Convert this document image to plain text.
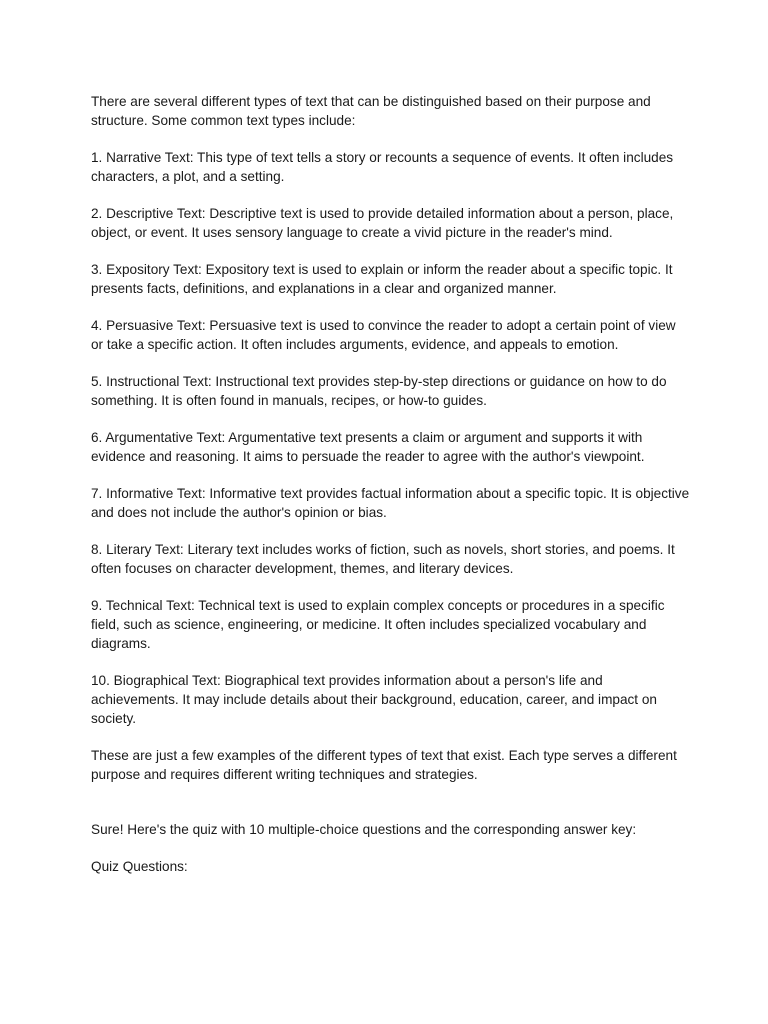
There are several different types of text that can be distinguished based on their purpose and structure. Some common text types include:

1. Narrative Text: This type of text tells a story or recounts a sequence of events. It often includes characters, a plot, and a setting.

2. Descriptive Text: Descriptive text is used to provide detailed information about a person, place, object, or event. It uses sensory language to create a vivid picture in the reader's mind.

3. Expository Text: Expository text is used to explain or inform the reader about a specific topic. It presents facts, definitions, and explanations in a clear and organized manner.

4. Persuasive Text: Persuasive text is used to convince the reader to adopt a certain point of view or take a specific action. It often includes arguments, evidence, and appeals to emotion.

5. Instructional Text: Instructional text provides step-by-step directions or guidance on how to do something. It is often found in manuals, recipes, or how-to guides.

6. Argumentative Text: Argumentative text presents a claim or argument and supports it with evidence and reasoning. It aims to persuade the reader to agree with the author's viewpoint.

7. Informative Text: Informative text provides factual information about a specific topic. It is objective and does not include the author's opinion or bias.

8. Literary Text: Literary text includes works of fiction, such as novels, short stories, and poems. It often focuses on character development, themes, and literary devices.

9. Technical Text: Technical text is used to explain complex concepts or procedures in a specific field, such as science, engineering, or medicine. It often includes specialized vocabulary and diagrams.

10. Biographical Text: Biographical text provides information about a person's life and achievements. It may include details about their background, education, career, and impact on society.

These are just a few examples of the different types of text that exist. Each type serves a different purpose and requires different writing techniques and strategies.

Sure! Here's the quiz with 10 multiple-choice questions and the corresponding answer key:

Quiz Questions:
